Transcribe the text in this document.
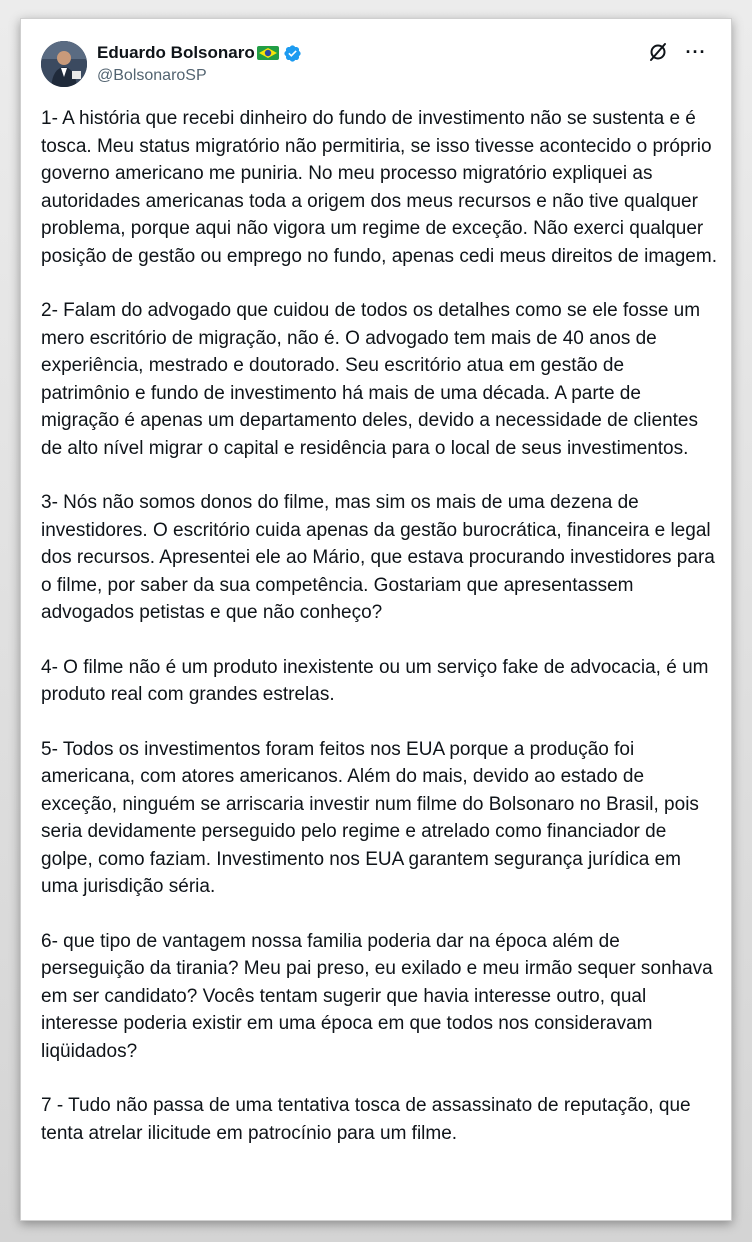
Eduardo Bolsonaro
@BolsonaroSP
···

1- A história que recebi dinheiro do fundo de investimento não se sustenta e é tosca. Meu status migratório não permitiria, se isso tivesse acontecido o próprio governo americano me puniria. No meu processo migratório expliquei as autoridades americanas toda a origem dos meus recursos e não tive qualquer problema, porque aqui não vigora um regime de exceção. Não exerci qualquer posição de gestão ou emprego no fundo, apenas cedi meus direitos de imagem.

2- Falam do advogado que cuidou de todos os detalhes como se ele fosse um mero escritório de migração, não é. O advogado tem mais de 40 anos de experiência, mestrado e doutorado. Seu escritório atua em gestão de patrimônio e fundo de investimento há mais de uma década. A parte de migração é apenas um departamento deles, devido a necessidade de clientes de alto nível migrar o capital e residência para o local de seus investimentos.

3- Nós não somos donos do filme, mas sim os mais de uma dezena de investidores. O escritório cuida apenas da gestão burocrática, financeira e legal dos recursos. Apresentei ele ao Mário, que estava procurando investidores para o filme, por saber da sua competência. Gostariam que apresentassem advogados petistas e que não conheço?

4- O filme não é um produto inexistente ou um serviço fake de advocacia, é um produto real com grandes estrelas.

5- Todos os investimentos foram feitos nos EUA porque a produção foi americana, com atores americanos. Além do mais, devido ao estado de exceção, ninguém se arriscaria investir num filme do Bolsonaro no Brasil, pois seria devidamente perseguido pelo regime e atrelado como financiador de golpe, como faziam. Investimento nos EUA garantem segurança jurídica em uma jurisdição séria.

6- que tipo de vantagem nossa familia poderia dar na época além de perseguição da tirania? Meu pai preso, eu exilado e meu irmão sequer sonhava em ser candidato? Vocês tentam sugerir que havia interesse outro, qual interesse poderia existir em uma época em que todos nos consideravam liqüidados?

7 - Tudo não passa de uma tentativa tosca de assassinato de reputação, que tenta atrelar ilicitude em patrocínio para um filme.
